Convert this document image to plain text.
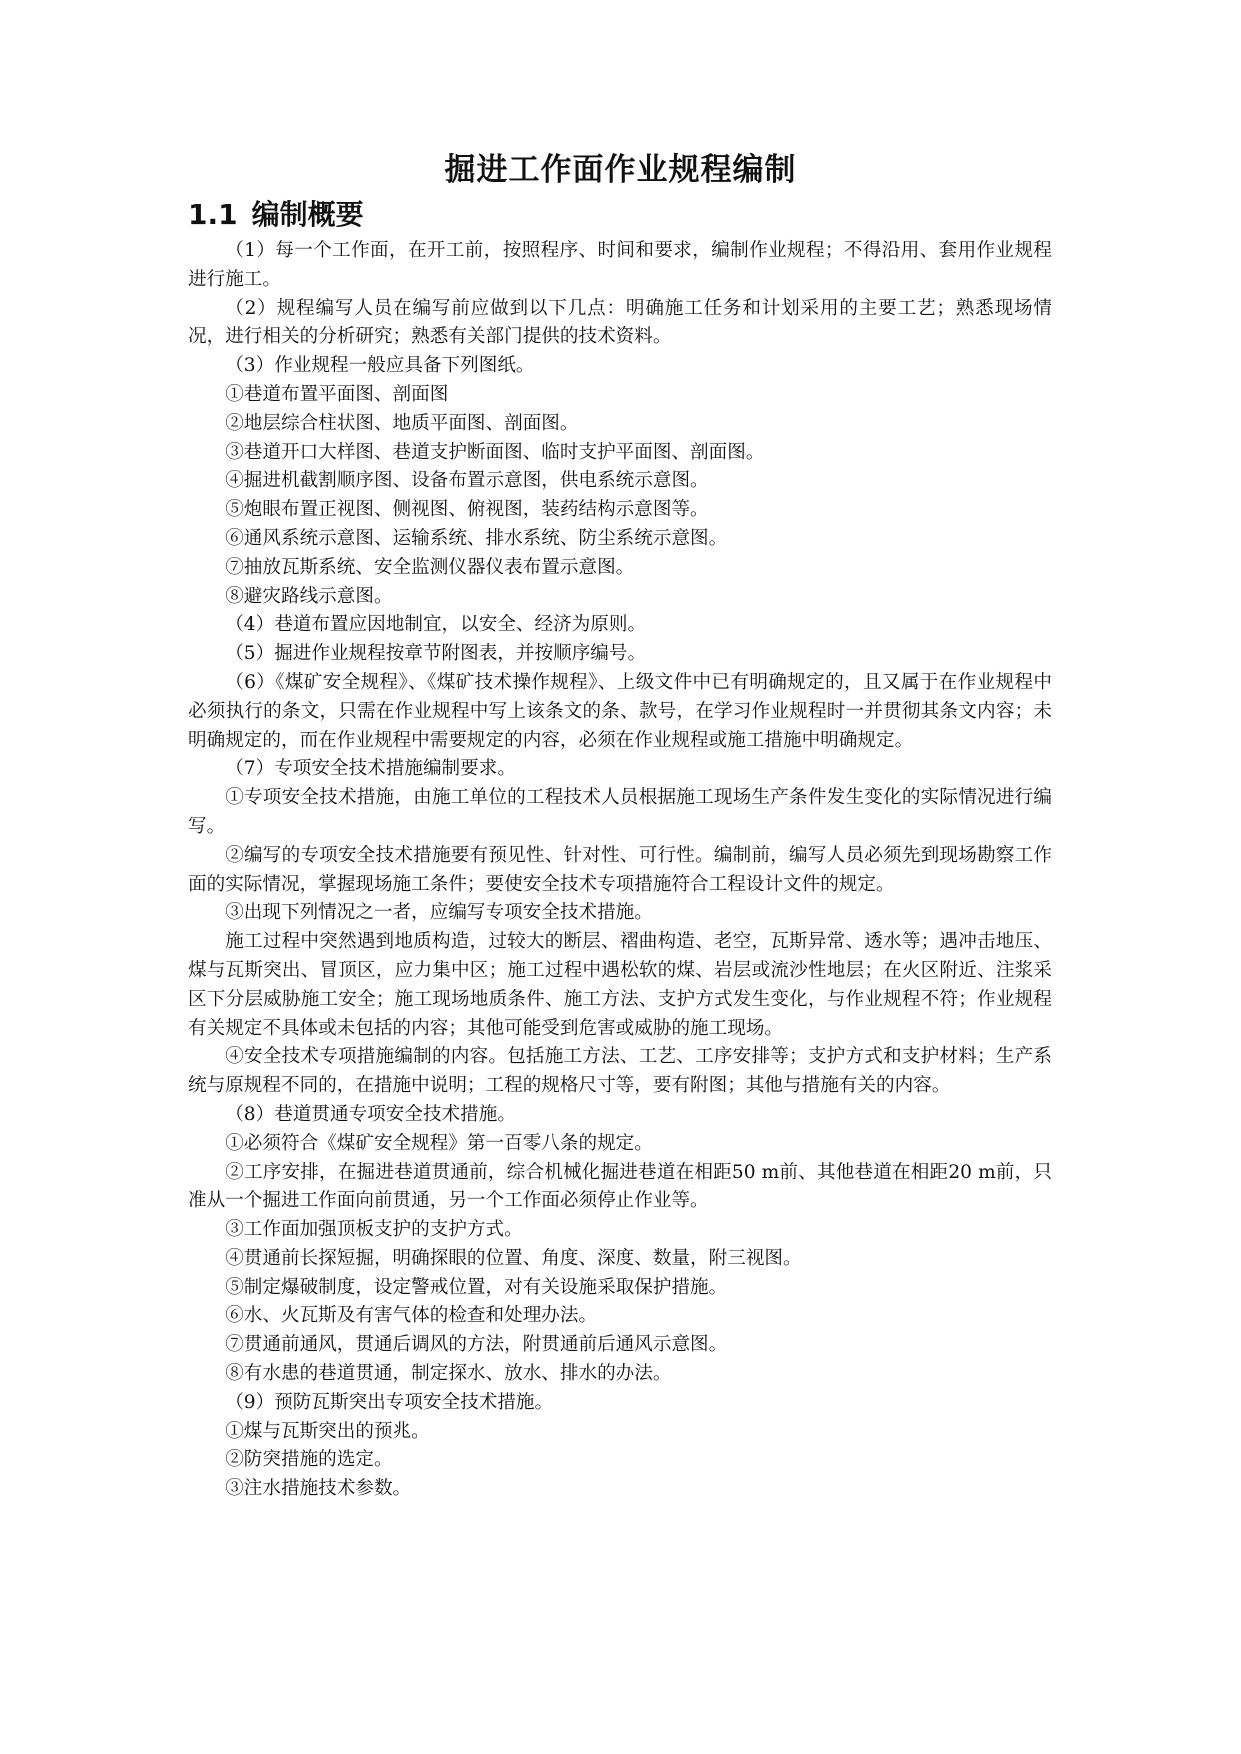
掘进工作面作业规程编制
1.1 编制概要

（1）每一个工作面，在开工前，按照程序、时间和要求，编制作业规程；不得沿用、套用作业规程进行施工。

（2）规程编写人员在编写前应做到以下几点：明确施工任务和计划采用的主要工艺；熟悉现场情况，进行相关的分析研究；熟悉有关部门提供的技术资料。

（3）作业规程一般应具备下列图纸。

①巷道布置平面图、剖面图

②地层综合柱状图、地质平面图、剖面图。

③巷道开口大样图、巷道支护断面图、临时支护平面图、剖面图。

④掘进机截割顺序图、设备布置示意图，供电系统示意图。

⑤炮眼布置正视图、侧视图、俯视图，装药结构示意图等。

⑥通风系统示意图、运输系统、排水系统、防尘系统示意图。

⑦抽放瓦斯系统、安全监测仪器仪表布置示意图。

⑧避灾路线示意图。

（4）巷道布置应因地制宜，以安全、经济为原则。

（5）掘进作业规程按章节附图表，并按顺序编号。

（6）《煤矿安全规程》、《煤矿技术操作规程》、上级文件中已有明确规定的，且又属于在作业规程中必须执行的条文，只需在作业规程中写上该条文的条、款号，在学习作业规程时一并贯彻其条文内容；未明确规定的，而在作业规程中需要规定的内容，必须在作业规程或施工措施中明确规定。

（7）专项安全技术措施编制要求。

①专项安全技术措施，由施工单位的工程技术人员根据施工现场生产条件发生变化的实际情况进行编写。

②编写的专项安全技术措施要有预见性、针对性、可行性。编制前，编写人员必须先到现场勘察工作面的实际情况，掌握现场施工条件；要使安全技术专项措施符合工程设计文件的规定。

③出现下列情况之一者，应编写专项安全技术措施。

施工过程中突然遇到地质构造，过较大的断层、褶曲构造、老空，瓦斯异常、透水等；遇冲击地压、煤与瓦斯突出、冒顶区，应力集中区；施工过程中遇松软的煤、岩层或流沙性地层；在火区附近、注浆采区下分层威胁施工安全；施工现场地质条件、施工方法、支护方式发生变化，与作业规程不符；作业规程有关规定不具体或未包括的内容；其他可能受到危害或威胁的施工现场。

④安全技术专项措施编制的内容。包括施工方法、工艺、工序安排等；支护方式和支护材料；生产系统与原规程不同的，在措施中说明；工程的规格尺寸等，要有附图；其他与措施有关的内容。

（8）巷道贯通专项安全技术措施。

①必须符合《煤矿安全规程》第一百零八条的规定。

②工序安排，在掘进巷道贯通前，综合机械化掘进巷道在相距50 m前、其他巷道在相距20 m前，只准从一个掘进工作面向前贯通，另一个工作面必须停止作业等。

③工作面加强顶板支护的支护方式。

④贯通前长探短掘，明确探眼的位置、角度、深度、数量，附三视图。

⑤制定爆破制度，设定警戒位置，对有关设施采取保护措施。

⑥水、火瓦斯及有害气体的检查和处理办法。

⑦贯通前通风，贯通后调风的方法，附贯通前后通风示意图。

⑧有水患的巷道贯通，制定探水、放水、排水的办法。

（9）预防瓦斯突出专项安全技术措施。

①煤与瓦斯突出的预兆。

②防突措施的选定。

③注水措施技术参数。
